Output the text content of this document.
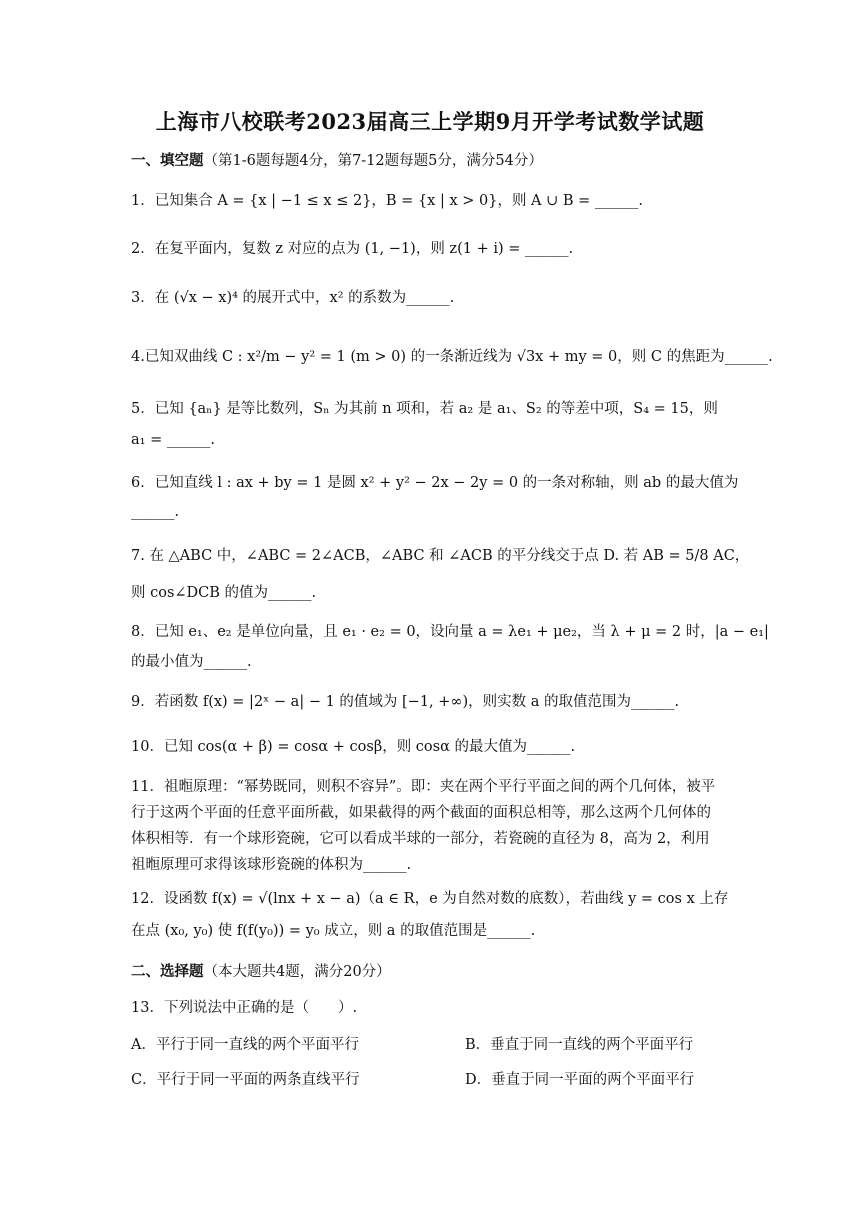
上海市八校联考2023届高三上学期9月开学考试数学试题
一、填空题（第1-6题每题4分，第7-12题每题5分，满分54分）
1．已知集合 A = {x | −1 ≤ x ≤ 2}，B = {x | x > 0}，则 A ∪ B = ______.
2．在复平面内，复数 z 对应的点为 (1, −1)，则 z(1 + i) = ______.
3．在 (√x − x)⁴ 的展开式中，x² 的系数为______.
4.已知双曲线 C : x²/m − y² = 1 (m > 0) 的一条渐近线为 √3x + my = 0，则 C 的焦距为______.
5．已知 {aₙ} 是等比数列，Sₙ 为其前 n 项和，若 a₂ 是 a₁、S₂ 的等差中项，S₄ = 15，则
a₁ = ______.
6．已知直线 l : ax + by = 1 是圆 x² + y² − 2x − 2y = 0 的一条对称轴，则 ab 的最大值为
______.
7. 在 △ABC 中，∠ABC = 2∠ACB，∠ABC 和 ∠ACB 的平分线交于点 D. 若 AB = 5/8 AC，
则 cos∠DCB 的值为______.
8．已知 e₁、e₂ 是单位向量，且 e₁ · e₂ = 0，设向量 a = λe₁ + μe₂，当 λ + μ = 2 时，|a − e₁|
的最小值为______.
9．若函数 f(x) = |2ˣ − a| − 1 的值域为 [−1, +∞)，则实数 a 的取值范围为______.
10．已知 cos(α + β) = cosα + cosβ，则 cosα 的最大值为______.
11．祖暅原理：“幂势既同，则积不容异”。即：夹在两个平行平面之间的两个几何体，被平
行于这两个平面的任意平面所截，如果截得的两个截面的面积总相等，那么这两个几何体的
体积相等．有一个球形瓷碗，它可以看成半球的一部分，若瓷碗的直径为 8，高为 2，利用
祖暅原理可求得该球形瓷碗的体积为______.
12．设函数 f(x) = √(lnx + x − a)（a ∈ R，e 为自然对数的底数），若曲线 y = cos x 上存
在点 (x₀, y₀) 使 f(f(y₀)) = y₀ 成立，则 a 的取值范围是______.
二、选择题（本大题共4题，满分20分）
13．下列说法中正确的是（　　）.
A．平行于同一直线的两个平面平行	B．垂直于同一直线的两个平面平行
C．平行于同一平面的两条直线平行	D．垂直于同一平面的两个平面平行
